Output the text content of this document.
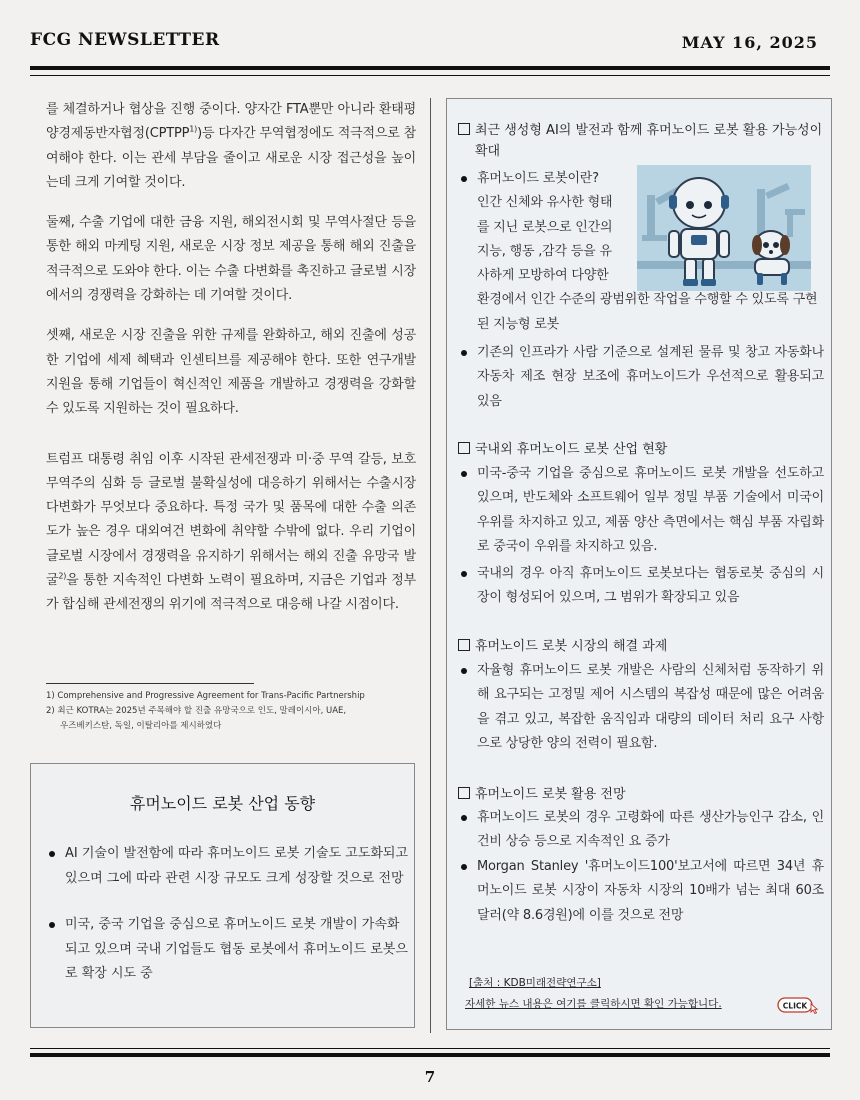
FCG NEWSLETTER	MAY 16, 2025

를 체결하거나 협상을 진행 중이다. 양자간 FTA뿐만 아니라 환태평양경제동반자협정(CPTPP$^{1)}$)등 다자간 무역협정에도 적극적으로 참여해야 한다. 이는 관세 부담을 줄이고 새로운 시장 접근성을 높이는데 크게 기여할 것이다.

둘째, 수출 기업에 대한 금융 지원, 해외전시회 및 무역사절단 등을 통한 해외 마케팅 지원, 새로운 시장 정보 제공을 통해 해외 진출을 적극적으로 도와야 한다. 이는 수출 다변화를 촉진하고 글로벌 시장에서의 경쟁력을 강화하는 데 기여할 것이다.

셋째, 새로운 시장 진출을 위한 규제를 완화하고, 해외 진출에 성공한 기업에 세제 혜택과 인센티브를 제공해야 한다. 또한 연구개발 지원을 통해 기업들이 혁신적인 제품을 개발하고 경쟁력을 강화할 수 있도록 지원하는 것이 필요하다.

트럼프 대통령 취임 이후 시작된 관세전쟁과 미·중 무역 갈등, 보호무역주의 심화 등 글로벌 불확실성에 대응하기 위해서는 수출시장 다변화가 무엇보다 중요하다. 특정 국가 및 품목에 대한 수출 의존도가 높은 경우 대외여건 변화에 취약할 수밖에 없다. 우리 기업이 글로벌 시장에서 경쟁력을 유지하기 위해서는 해외 진출 유망국 발굴$^{2)}$을 통한 지속적인 다변화 노력이 필요하며, 지금은 기업과 정부가 합심해 관세전쟁의 위기에 적극적으로 대응해 나갈 시점이다.

1) Comprehensive and Progressive Agreement for Trans-Pacific Partnership

2) 최근 KOTRA는 2025년 주목해야 할 진출 유망국으로 인도, 말레이시아, UAE,

우즈베키스탄, 독일, 이탈리아를 제시하였다

휴머노이드 로봇 산업 동향
AI 기술이 발전함에 따라 휴머노이드 로봇 기술도 고도화되고 있으며 그에 따라 관련 시장 규모도 크게 성장할 것으로 전망
미국, 중국 기업을 중심으로 휴머노이드 로봇 개발이 가속화되고 있으며 국내 기업들도 협동 로봇에서 휴머노이드 로봇으로 확장 시도 중
최근 생성형 AI의 발전과 함께 휴머노이드 로봇 활용 가능성이 확대
휴머노이드 로봇이란?
인간 신체와 유사한 형태
를 지닌 로봇으로 인간의
지능, 행동 ,감각 등을 유
사하게 모방하여 다양한
환경에서 인간 수준의 광범위한 작업을 수행할 수 있도록 구현된 지능형 로봇
기존의 인프라가 사람 기준으로 설계된 물류 및 창고 자동화나 자동차 제조 현장 보조에 휴머노이드가 우선적으로 활용되고 있음
국내외 휴머노이드 로봇 산업 현황
미국-중국 기업을 중심으로 휴머노이드 로봇 개발을 선도하고 있으며, 반도체와 소프트웨어 일부 정밀 부품 기술에서 미국이 우위를 차지하고 있고, 제품 양산 측면에서는 핵심 부품 자립화로 중국이 우위를 차지하고 있음.
국내의 경우 아직 휴머노이드 로봇보다는 협동로봇 중심의 시장이 형성되어 있으며, 그 범위가 확장되고 있음
휴머노이드 로봇 시장의 해결 과제
자율형 휴머노이드 로봇 개발은 사람의 신체처럼 동작하기 위해 요구되는 고정밀 제어 시스템의 복잡성 때문에 많은 어려움을 겪고 있고, 복잡한 움직임과 대량의 데이터 처리 요구 사항으로 상당한 양의 전력이 필요함.
휴머노이드 로봇 활용 전망
휴머노이드 로봇의 경우 고령화에 따른 생산가능인구 감소, 인건비 상승 등으로 지속적인 요 증가
Morgan Stanley '휴머노이드100'보고서에 따르면 34년 휴머노이드 로봇 시장이 자동차 시장의 10배가 넘는 최대 60조 달러(약 8.6경원)에 이를 것으로 전망
[출처 : KDB미래전략연구소]
자세한 뉴스 내용은 여기를 클릭하시면 확인 가능합니다.	CLICK
7
